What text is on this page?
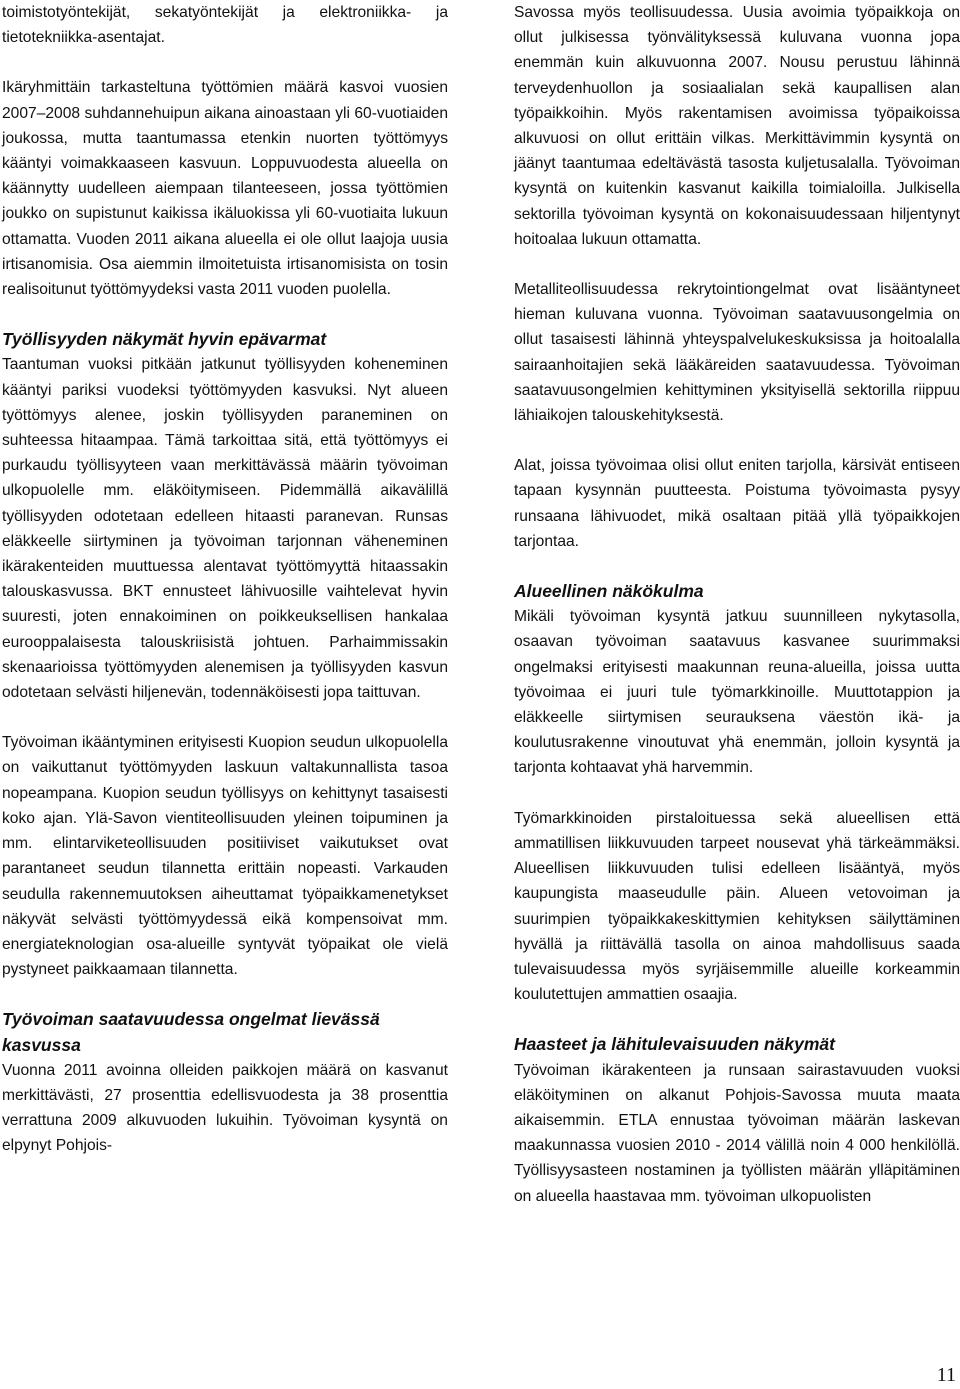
toimistotyöntekijät, sekatyöntekijät ja elektroniikka- ja tietotekniikka-asentajat.

Ikäryhmittäin tarkasteltuna työttömien määrä kasvoi vuosien 2007–2008 suhdannehuipun aikana ainoastaan yli 60-vuotiaiden joukossa, mutta taantumassa etenkin nuorten työttömyys kääntyi voimakkaaseen kasvuun. Loppuvuodesta alueella on käännytty uudelleen aiempaan tilanteeseen, jossa työttömien joukko on supistunut kaikissa ikäluokissa yli 60-vuotiaita lukuun ottamatta. Vuoden 2011 aikana alueella ei ole ollut laajoja uusia irtisanomisia. Osa aiemmin ilmoitetuista irtisanomisista on tosin realisoitunut työttömyydeksi vasta 2011 vuoden puolella.

Työllisyyden näkymät hyvin epävarmat

Taantuman vuoksi pitkään jatkunut työllisyyden koheneminen kääntyi pariksi vuodeksi työttömyyden kasvuksi. Nyt alueen työttömyys alenee, joskin työllisyyden paraneminen on suhteessa hitaampaa. Tämä tarkoittaa sitä, että työttömyys ei purkaudu työllisyyteen vaan merkittävässä määrin työvoiman ulkopuolelle mm. eläköitymiseen. Pidemmällä aikavälillä työllisyyden odotetaan edelleen hitaasti paranevan. Runsas eläkkeelle siirtyminen ja työvoiman tarjonnan väheneminen ikärakenteiden muuttuessa alentavat työttömyyttä hitaassakin talouskasvussa. BKT ennusteet lähivuosille vaihtelevat hyvin suuresti, joten ennakoiminen on poikkeuksellisen hankalaa eurooppalaisesta talouskriisistä johtuen. Parhaimmissakin skenaarioissa työttömyyden alenemisen ja työllisyyden kasvun odotetaan selvästi hiljenevän, todennäköisesti jopa taittuvan.

Työvoiman ikääntyminen erityisesti Kuopion seudun ulkopuolella on vaikuttanut työttömyyden laskuun valtakunnallista tasoa nopeampana. Kuopion seudun työllisyys on kehittynyt tasaisesti koko ajan. Ylä-Savon vientiteollisuuden yleinen toipuminen ja mm. elintarviketeollisuuden positiiviset vaikutukset ovat parantaneet seudun tilannetta erittäin nopeasti. Varkauden seudulla rakennemuutoksen aiheuttamat työpaikkamenetykset näkyvät selvästi työttömyydessä eikä kompensoivat mm. energiateknologian osa-alueille syntyvät työpaikat ole vielä pystyneet paikkaamaan tilannetta.

Työvoiman saatavuudessa ongelmat lievässä kasvussa

Vuonna 2011 avoinna olleiden paikkojen määrä on kasvanut merkittävästi, 27 prosenttia edellisvuodesta ja 38 prosenttia verrattuna 2009 alkuvuoden lukuihin. Työvoiman kysyntä on elpynyt Pohjois-

Savossa myös teollisuudessa. Uusia avoimia työpaikkoja on ollut julkisessa työnvälityksessä kuluvana vuonna jopa enemmän kuin alkuvuonna 2007. Nousu perustuu lähinnä terveydenhuollon ja sosiaalialan sekä kaupallisen alan työpaikkoihin. Myös rakentamisen avoimissa työpaikoissa alkuvuosi on ollut erittäin vilkas. Merkittävimmin kysyntä on jäänyt taantumaa edeltävästä tasosta kuljetusalalla. Työvoiman kysyntä on kuitenkin kasvanut kaikilla toimialoilla. Julkisella sektorilla työvoiman kysyntä on kokonaisuudessaan hiljentynyt hoitoalaa lukuun ottamatta.

Metalliteollisuudessa rekrytointiongelmat ovat lisääntyneet hieman kuluvana vuonna. Työvoiman saatavuusongelmia on ollut tasaisesti lähinnä yhteyspalvelukeskuksissa ja hoitoalalla sairaanhoitajien sekä lääkäreiden saatavuudessa. Työvoiman saatavuusongelmien kehittyminen yksityisellä sektorilla riippuu lähiaikojen talouskehityksestä.

Alat, joissa työvoimaa olisi ollut eniten tarjolla, kärsivät entiseen tapaan kysynnän puutteesta. Poistuma työvoimasta pysyy runsaana lähivuodet, mikä osaltaan pitää yllä työpaikkojen tarjontaa.

Alueellinen näkökulma

Mikäli työvoiman kysyntä jatkuu suunnilleen nykytasolla, osaavan työvoiman saatavuus kasvanee suurimmaksi ongelmaksi erityisesti maakunnan reuna-alueilla, joissa uutta työvoimaa ei juuri tule työmarkkinoille. Muuttotappion ja eläkkeelle siirtymisen seurauksena väestön ikä- ja koulutusrakenne vinoutuvat yhä enemmän, jolloin kysyntä ja tarjonta kohtaavat yhä harvemmin.

Työmarkkinoiden pirstaloituessa sekä alueellisen että ammatillisen liikkuvuuden tarpeet nousevat yhä tärkeämmäksi. Alueellisen liikkuvuuden tulisi edelleen lisääntyä, myös kaupungista maaseudulle päin. Alueen vetovoiman ja suurimpien työpaikkakeskittymien kehityksen säilyttäminen hyvällä ja riittävällä tasolla on ainoa mahdollisuus saada tulevaisuudessa myös syrjäisemmille alueille korkeammin koulutettujen ammattien osaajia.

Haasteet ja lähitulevaisuuden näkymät

Työvoiman ikärakenteen ja runsaan sairastavuuden vuoksi eläköityminen on alkanut Pohjois-Savossa muuta maata aikaisemmin. ETLA ennustaa työvoiman määrän laskevan maakunnassa vuosien 2010 - 2014 välillä noin 4 000 henkilöllä. Työllisyysasteen nostaminen ja työllisten määrän ylläpitäminen on alueella haastavaa mm. työvoiman ulkopuolisten

11
